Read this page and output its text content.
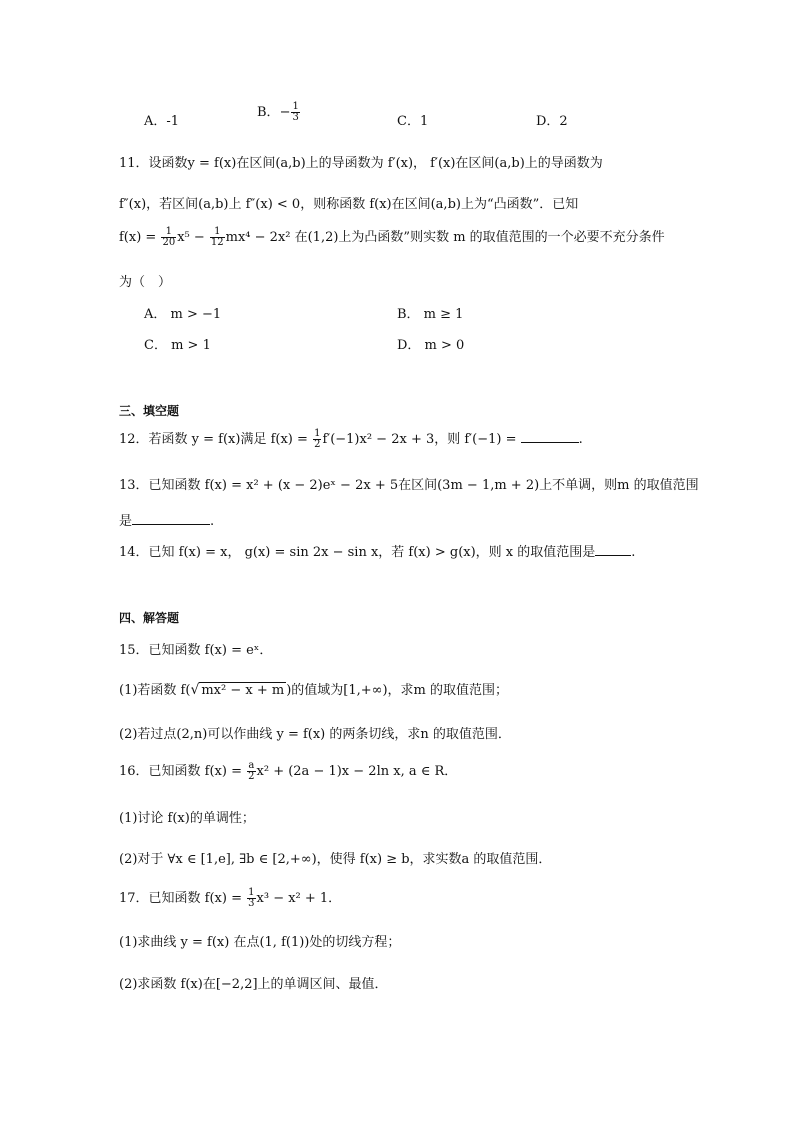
A．-1
B．− $\frac{1}{3}$	C．1	D．2
11．设函数y = f(x)在区间(a,b)上的导函数为 f′(x)， f′(x)在区间(a,b)上的导函数为
f″(x)，若区间(a,b)上 f″(x) < 0，则称函数 f(x)在区间(a,b)上为“凸函数”．已知
$f(x) = \frac{1}{20} x^5 - \frac{1}{12} mx^4 - 2x^2$ 在(1,2)上为凸函数”则实数 m 的取值范围的一个必要不充分条件
为（　）
A． m > −1	B． m ≥ 1
C． m > 1	D． m > 0
三、填空题
12．若函数 y = f(x)满足 $f(x) = \frac{1}{2} f'(-1)x^2 - 2x + 3$，则 f′(−1) =	.
13．已知函数 f(x) = x² + (x − 2)eˣ − 2x + 5在区间(3m − 1,m + 2)上不单调，则m 的取值范围
是	.
14．已知 f(x) = x， g(x) = sin 2x − sin x，若 f(x) > g(x)，则 x 的取值范围是	.
四、解答题
15．已知函数 f(x) = eˣ．
(1)若函数 f(√ mx² − x + m )的值域为[1,+∞)，求m 的取值范围；
(2)若过点(2,n)可以作曲线 y = f(x) 的两条切线，求n 的取值范围．
16．已知函数 $f(x) = \frac{a}{2} x^2 + (2a - 1)x - 2\ln$ x, a ∈ R．
(1)讨论 f(x)的单调性；
(2)对于 ∀x ∈ [1,e], ∃b ∈ [2,+∞)，使得 f(x) ≥ b，求实数a 的取值范围．
17．已知函数 $f(x) = \frac{1}{3} x^3 - x^2 + 1$．
(1)求曲线 y = f(x) 在点(1, f(1))处的切线方程；
(2)求函数 f(x)在[−2,2]上的单调区间、最值．
